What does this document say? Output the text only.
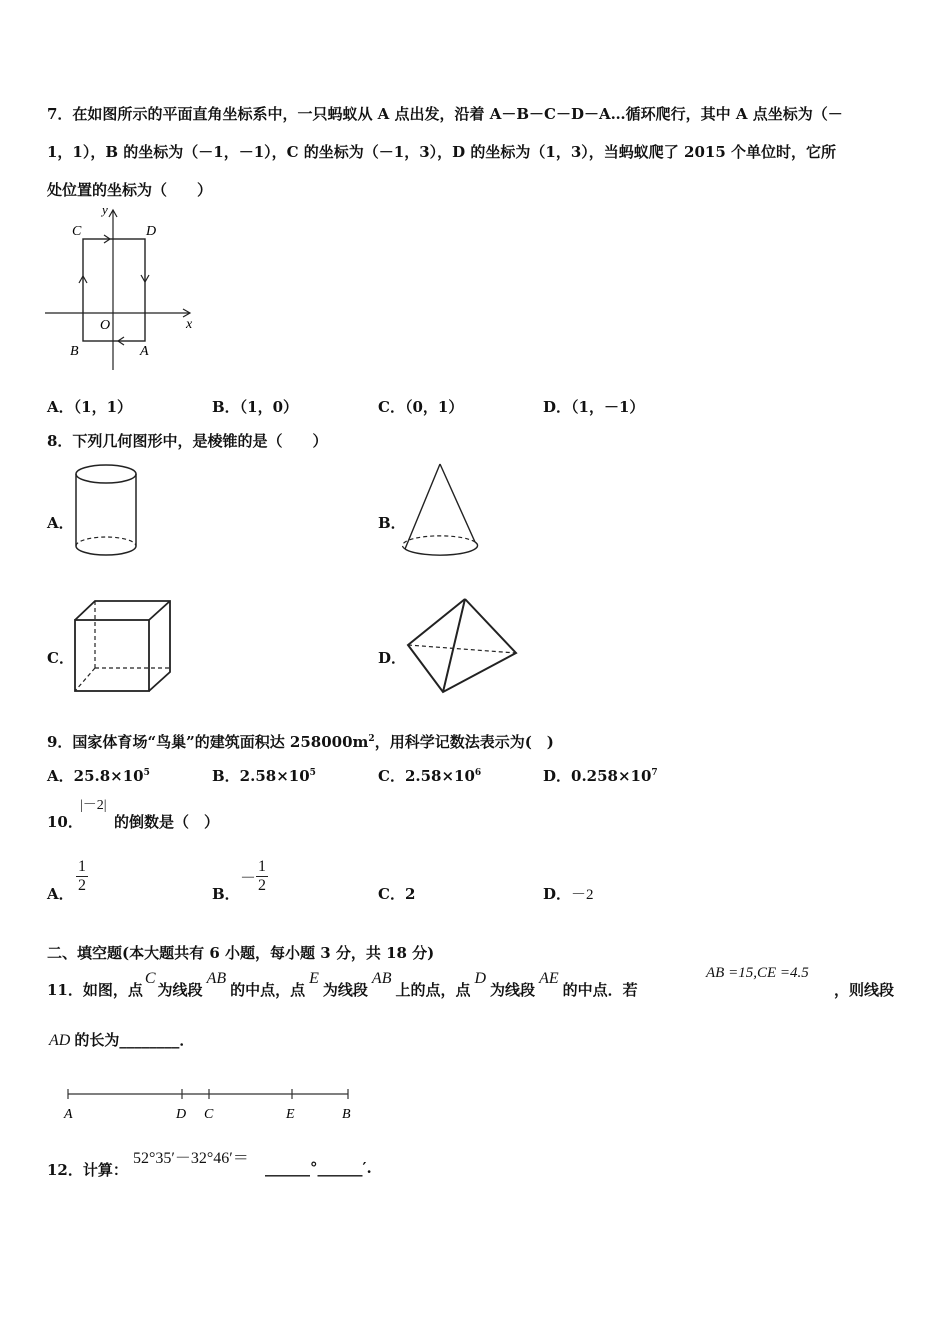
7．在如图所示的平面直角坐标系中，一只蚂蚁从 A 点出发，沿着 A－B－C－D－A…循环爬行，其中 A 点坐标为（－
1，1），B 的坐标为（－1，－1），C 的坐标为（－1，3），D 的坐标为（1，3），当蚂蚁爬了 2015 个单位时，它所
处位置的坐标为（　　）
y
x
O
A
B
C	D
A．（1，1）	B．（1，0）	C．（0，1）	D．（1，－1）
8．下列几何图形中，是棱锥的是（　　）
A．	B．
C．	D．
9．国家体育场“鸟巢”的建筑面积达 $258000m^2$，用科学记数法表示为(　)
A．$25.8\times 10^5$	B．$2.58\times 10^5$	C．$2.58\times 10^6$	D．$0.258\times 10^7$
10．
|－2|
的倒数是（　）
A． $\frac{1}{2}$	B．
－ $\frac{1}{2}$	C．2	D．－2
二、填空题(本大题共有 6 小题，每小题 3 分，共 18 分)
11．如图，点C为线段AB的中点，点E为线段AB上的点，点D为线段AE的中点．若
AB =15,CE =4.5
，则线段
AD 的长为________．
A	D C	E	B
12．计算：
52°35′－32°46′＝
______°______′.
